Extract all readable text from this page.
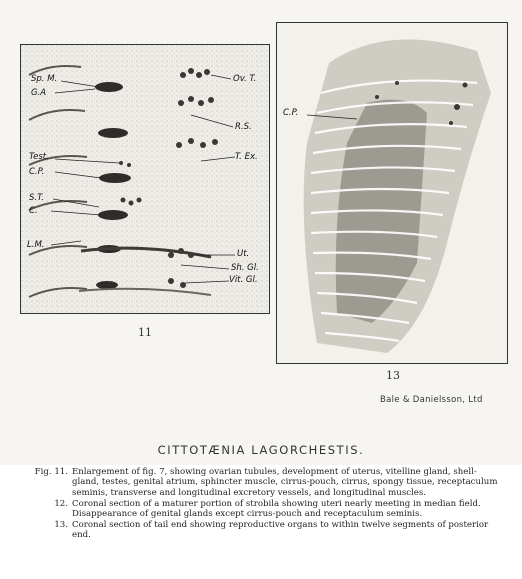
Sp. M.
G.A
Test.
C.P.
S.T.
C.
L.M.
Ov. T.
R.S.
T. Ex.
Ut.
Sh. Gl.
Vit. Gl.
11
C.P.
13
Bale & Danielsson, Ltd
CITTOTÆNIA LAGORCHESTIS.
Fig. 11. Enlargement of fig. 7, showing ovarian tubules, development of uterus, vitelline gland, shell-gland, testes, genital atrium, sphincter muscle, cirrus-pouch, cirrus, spongy tissue, receptaculum seminis, transverse and longitudinal excretory vessels, and longitudinal muscles.
12. Coronal section of a maturer portion of strobila showing uteri nearly meeting in median field. Disappearance of genital glands except cirrus-pouch and receptaculum seminis.
13. Coronal section of tail end showing reproductive organs to within twelve segments of posterior end.
